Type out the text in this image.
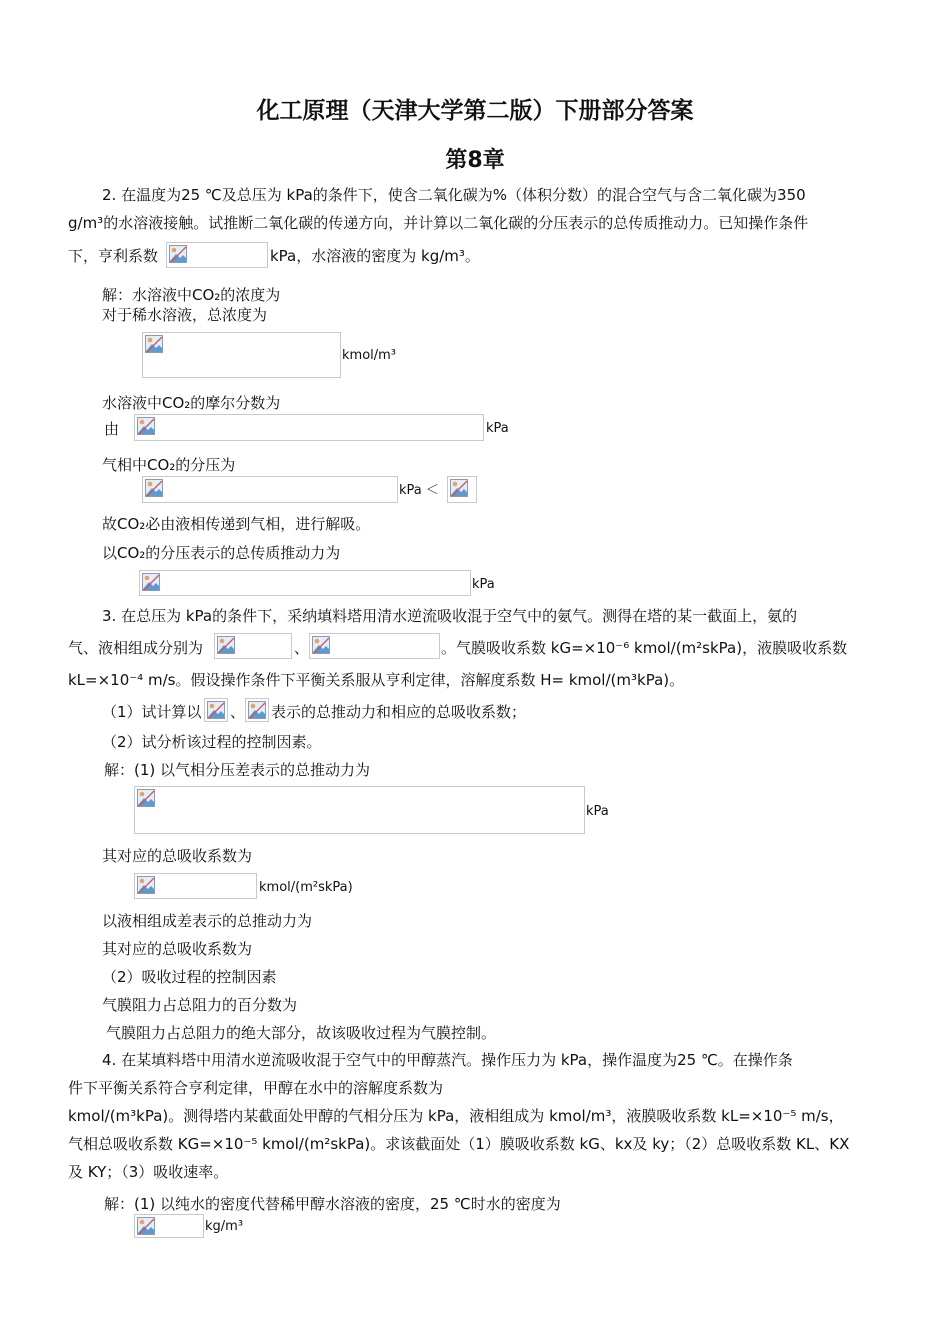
化工原理（天津大学第二版）下册部分答案
第8章
2. 在温度为25 ℃及总压为 kPa的条件下，使含二氧化碳为%（体积分数）的混合空气与含二氧化碳为350
g/m³的水溶液接触。试推断二氧化碳的传递方向，并计算以二氧化碳的分压表示的总传质推动力。已知操作条件
下，亨利系数	kPa，水溶液的密度为 kg/m³。
解：水溶液中CO₂的浓度为
对于稀水溶液，总浓度为
kmol/m³
水溶液中CO₂的摩尔分数为
由	kPa
气相中CO₂的分压为
kPa ＜
故CO₂必由液相传递到气相，进行解吸。
以CO₂的分压表示的总传质推动力为
kPa
3. 在总压为 kPa的条件下，采纳填料塔用清水逆流吸收混于空气中的氨气。测得在塔的某一截面上，氨的
气、液相组成分别为	、	。气膜吸收系数 kG=×10⁻⁶ kmol/(m²skPa)，液膜吸收系数
kL=×10⁻⁴ m/s。假设操作条件下平衡关系服从亨利定律，溶解度系数 H= kmol/(m³kPa)。
（1）试计算以 、 表示的总推动力和相应的总吸收系数；
（2）试分析该过程的控制因素。
解：(1) 以气相分压差表示的总推动力为
kPa
其对应的总吸收系数为
kmol/(m²skPa)
以液相组成差表示的总推动力为
其对应的总吸收系数为
（2）吸收过程的控制因素
气膜阻力占总阻力的百分数为
气膜阻力占总阻力的绝大部分，故该吸收过程为气膜控制。
4. 在某填料塔中用清水逆流吸收混于空气中的甲醇蒸汽。操作压力为 kPa，操作温度为25 ℃。在操作条
件下平衡关系符合亨利定律，甲醇在水中的溶解度系数为
kmol/(m³kPa)。测得塔内某截面处甲醇的气相分压为 kPa，液相组成为 kmol/m³，液膜吸收系数 kL=×10⁻⁵ m/s，
气相总吸收系数 KG=×10⁻⁵ kmol/(m²skPa)。求该截面处（1）膜吸收系数 kG、kx及 ky；（2）总吸收系数 KL、KX
及 KY；（3）吸收速率。
解：(1) 以纯水的密度代替稀甲醇水溶液的密度，25 ℃时水的密度为
kg/m³
